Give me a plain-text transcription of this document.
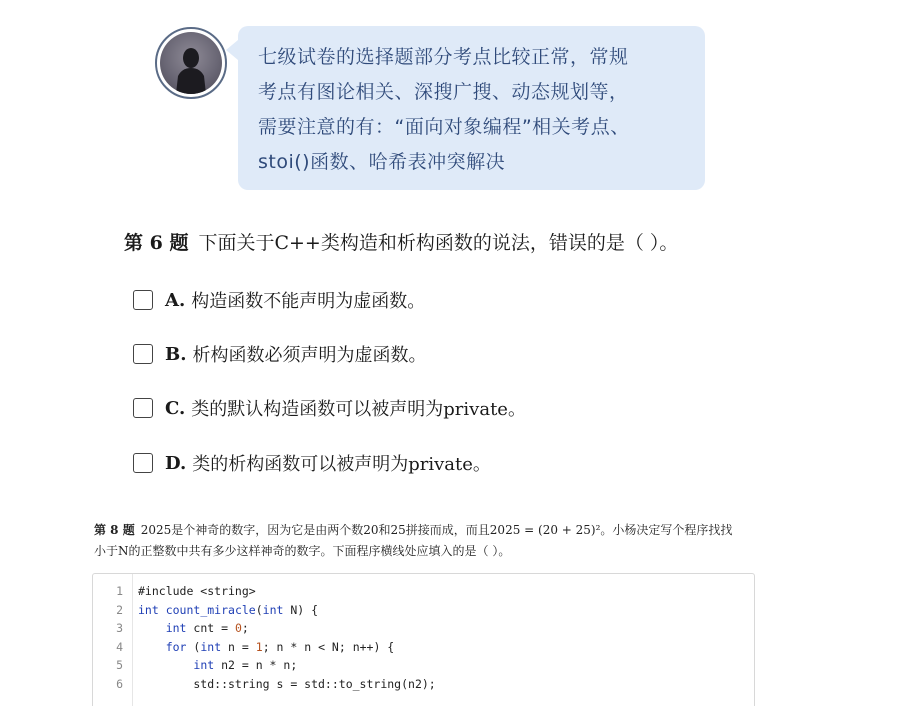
七级试卷的选择题部分考点比较正常，常规

考点有图论相关、深搜广搜、动态规划等，

需要注意的有：“面向对象编程”相关考点、

stoi()函数、哈希表冲突解决

第 6 题 下面关于C++类构造和析构函数的说法，错误的是（ ）。
A. 构造函数不能声明为虚函数。
B. 析构函数必须声明为虚函数。
C. 类的默认构造函数可以被声明为private。
D. 类的析构函数可以被声明为private。
第 8 题 2025是个神奇的数字，因为它是由两个数20和25拼接而成，而且2025 = (20 + 25)²。小杨决定写个程序找找
小于N的正整数中共有多少这样神奇的数字。下面程序横线处应填入的是（ ）。
1 #include <string>
2 int count_miracle(int N) {
3	int cnt = 0;
4	for (int n = 1; n * n < N; n++) {
5	int n2 = n * n;
6        std::string s = std::to_string(n2);
